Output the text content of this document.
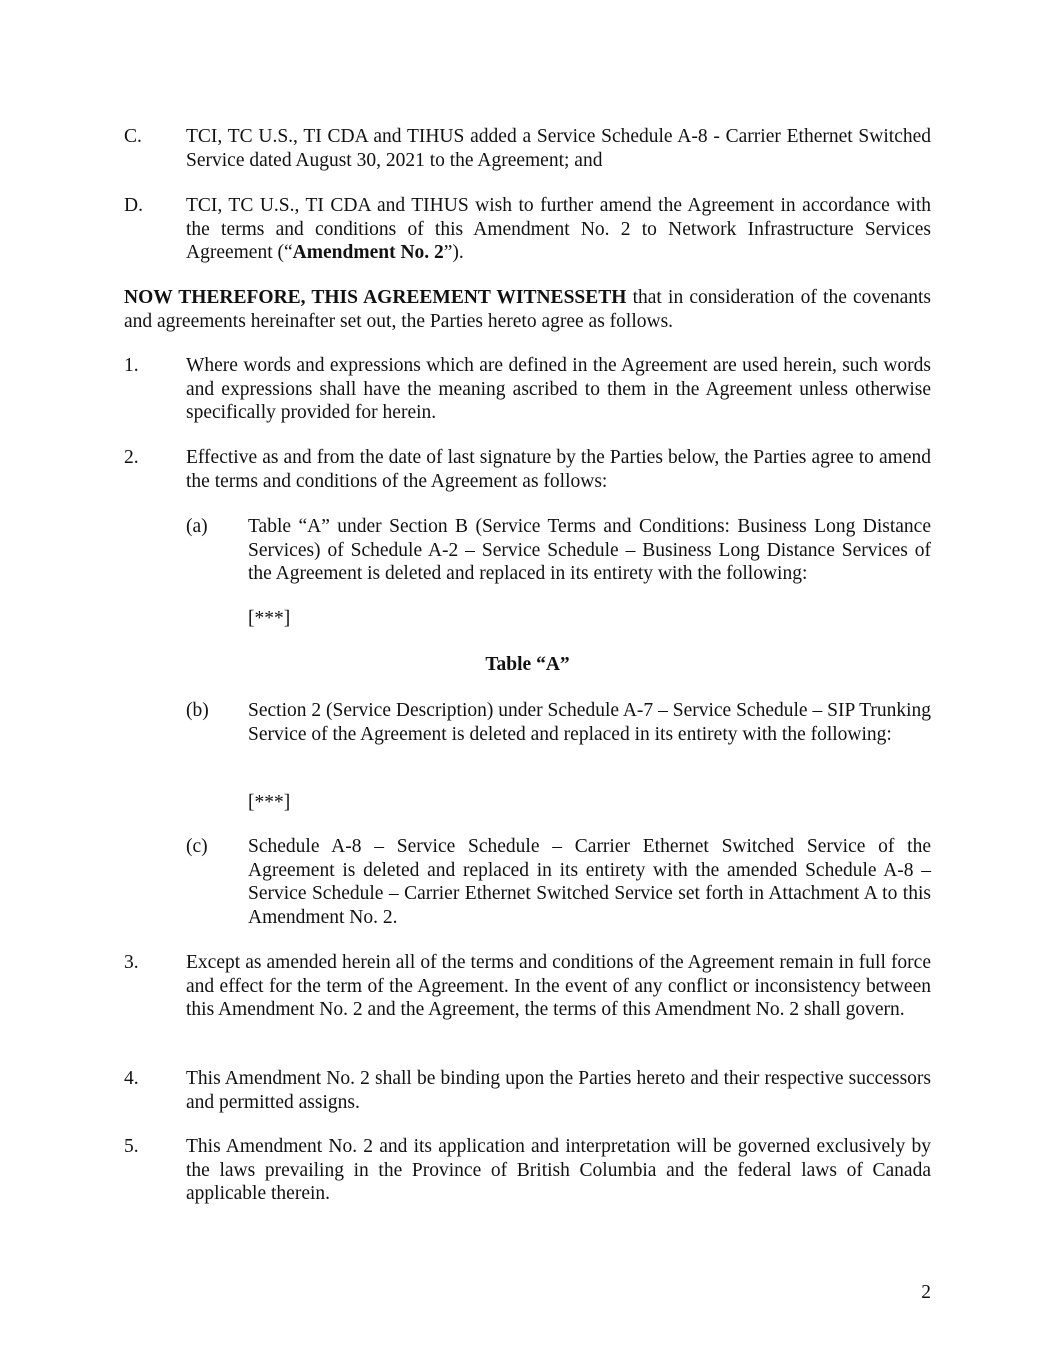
C. TCI, TC U.S., TI CDA and TIHUS added a Service Schedule A-8 - Carrier Ethernet Switched Service dated August 30, 2021 to the Agreement; and
D. TCI, TC U.S., TI CDA and TIHUS wish to further amend the Agreement in accordance with the terms and conditions of this Amendment No. 2 to Network Infrastructure Services Agreement (“Amendment No. 2”).
NOW THEREFORE, THIS AGREEMENT WITNESSETH that in consideration of the covenants and agreements hereinafter set out, the Parties hereto agree as follows.
1. Where words and expressions which are defined in the Agreement are used herein, such words and expressions shall have the meaning ascribed to them in the Agreement unless otherwise specifically provided for herein.
2. Effective as and from the date of last signature by the Parties below, the Parties agree to amend the terms and conditions of the Agreement as follows:
(a) Table “A” under Section B (Service Terms and Conditions: Business Long Distance Services) of Schedule A-2 – Service Schedule – Business Long Distance Services of the Agreement is deleted and replaced in its entirety with the following:
[***]
Table “A”
(b) Section 2 (Service Description) under Schedule A-7 – Service Schedule – SIP Trunking Service of the Agreement is deleted and replaced in its entirety with the following:
[***]
(c) Schedule A-8 – Service Schedule – Carrier Ethernet Switched Service of the Agreement is deleted and replaced in its entirety with the amended Schedule A-8 – Service Schedule – Carrier Ethernet Switched Service set forth in Attachment A to this Amendment No. 2.
3. Except as amended herein all of the terms and conditions of the Agreement remain in full force and effect for the term of the Agreement. In the event of any conflict or inconsistency between this Amendment No. 2 and the Agreement, the terms of this Amendment No. 2 shall govern.
4. This Amendment No. 2 shall be binding upon the Parties hereto and their respective successors and permitted assigns.
5. This Amendment No. 2 and its application and interpretation will be governed exclusively by the laws prevailing in the Province of British Columbia and the federal laws of Canada applicable therein.
2
